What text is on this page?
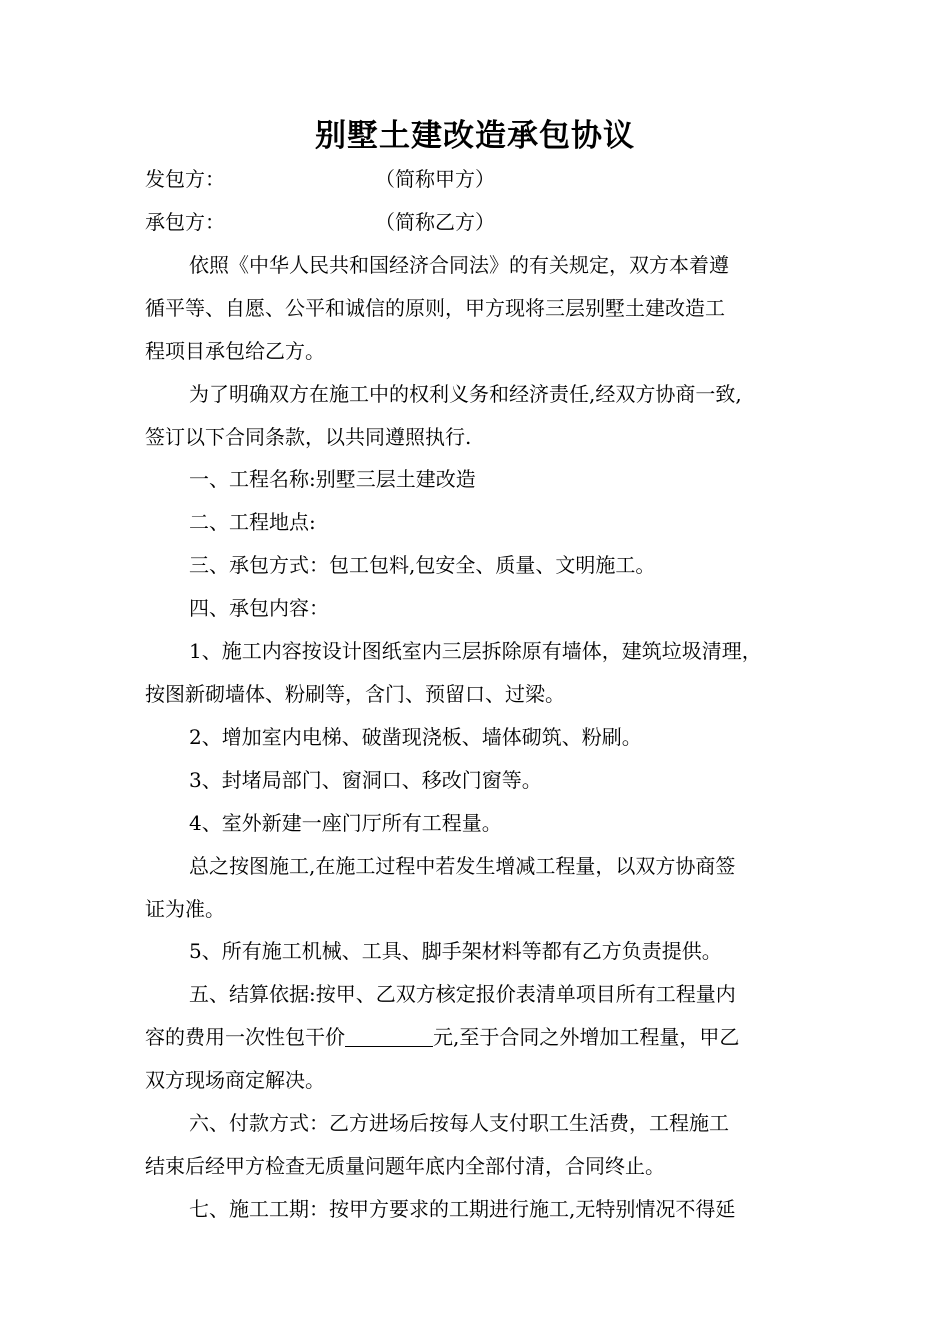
别墅土建改造承包协议
发包方：	（简称甲方）
承包方：	（简称乙方）
依照《中华人民共和国经济合同法》的有关规定，双方本着遵
循平等、自愿、公平和诚信的原则，甲方现将三层别墅土建改造工
程项目承包给乙方。
为了明确双方在施工中的权利义务和经济责任,经双方协商一致,
签订以下合同条款，以共同遵照执行.
一、工程名称:别墅三层土建改造
二、工程地点:
三、承包方式：包工包料,包安全、质量、文明施工。
四、承包内容：
1、施工内容按设计图纸室内三层拆除原有墙体，建筑垃圾清理，
按图新砌墙体、粉刷等，含门、预留口、过梁。
2、增加室内电梯、破凿现浇板、墙体砌筑、粉刷。
3、封堵局部门、窗洞口、移改门窗等。
4、室外新建一座门厅所有工程量。
总之按图施工,在施工过程中若发生增减工程量，以双方协商签
证为准。
5、所有施工机械、工具、脚手架材料等都有乙方负责提供。
五、结算依据:按甲、乙双方核定报价表清单项目所有工程量内
容的费用一次性包干价	元,至于合同之外增加工程量，甲乙
双方现场商定解决。
六、付款方式：乙方进场后按每人支付职工生活费，工程施工
结束后经甲方检查无质量问题年底内全部付清，合同终止。
七、施工工期：按甲方要求的工期进行施工,无特别情况不得延
